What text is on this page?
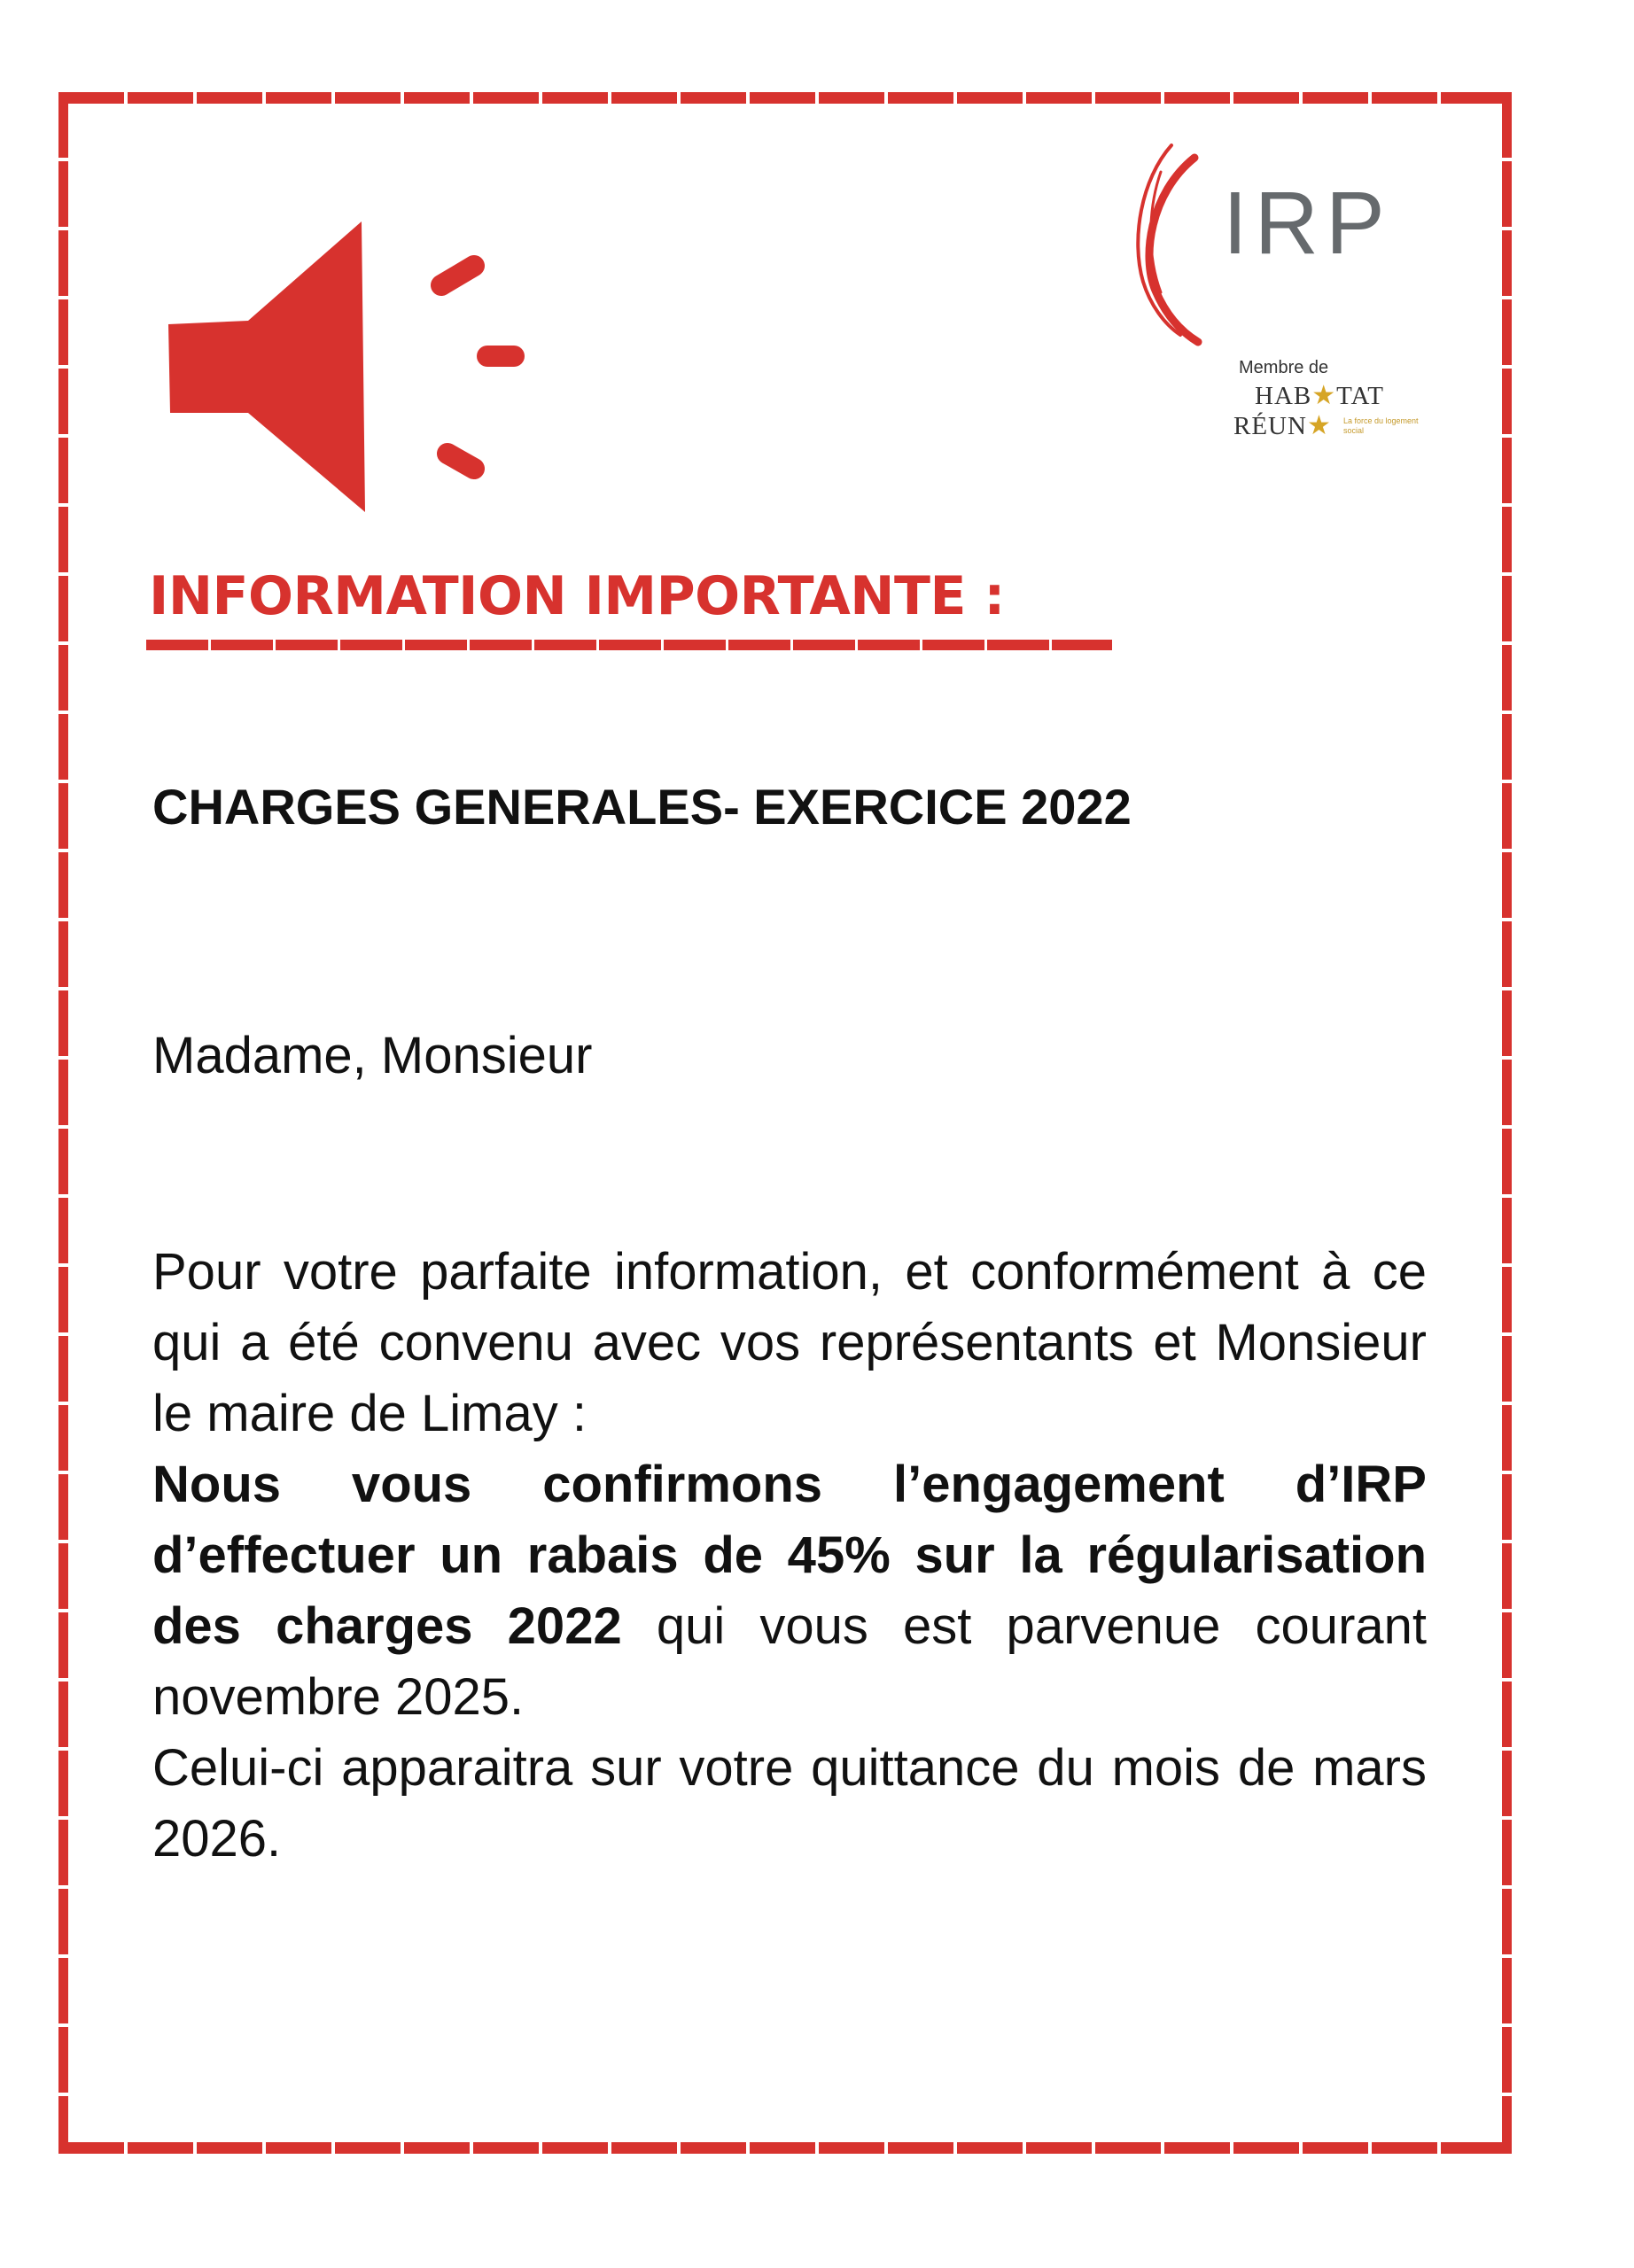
IRP
Membre de
HAB★TAT
RÉUN★ La force du logement social
INFORMATION IMPORTANTE :
CHARGES GENERALES- EXERCICE 2022
Madame, Monsieur

Pour votre parfaite information, et conformément à ce qui a été convenu avec vos représentants et Monsieur le maire de Limay :

Nous vous confirmons l’engagement d’IRP d’effectuer un rabais de 45% sur la régularisation des charges 2022 qui vous est parvenue courant novembre 2025.

Celui-ci apparaitra sur votre quittance du mois de mars 2026.
